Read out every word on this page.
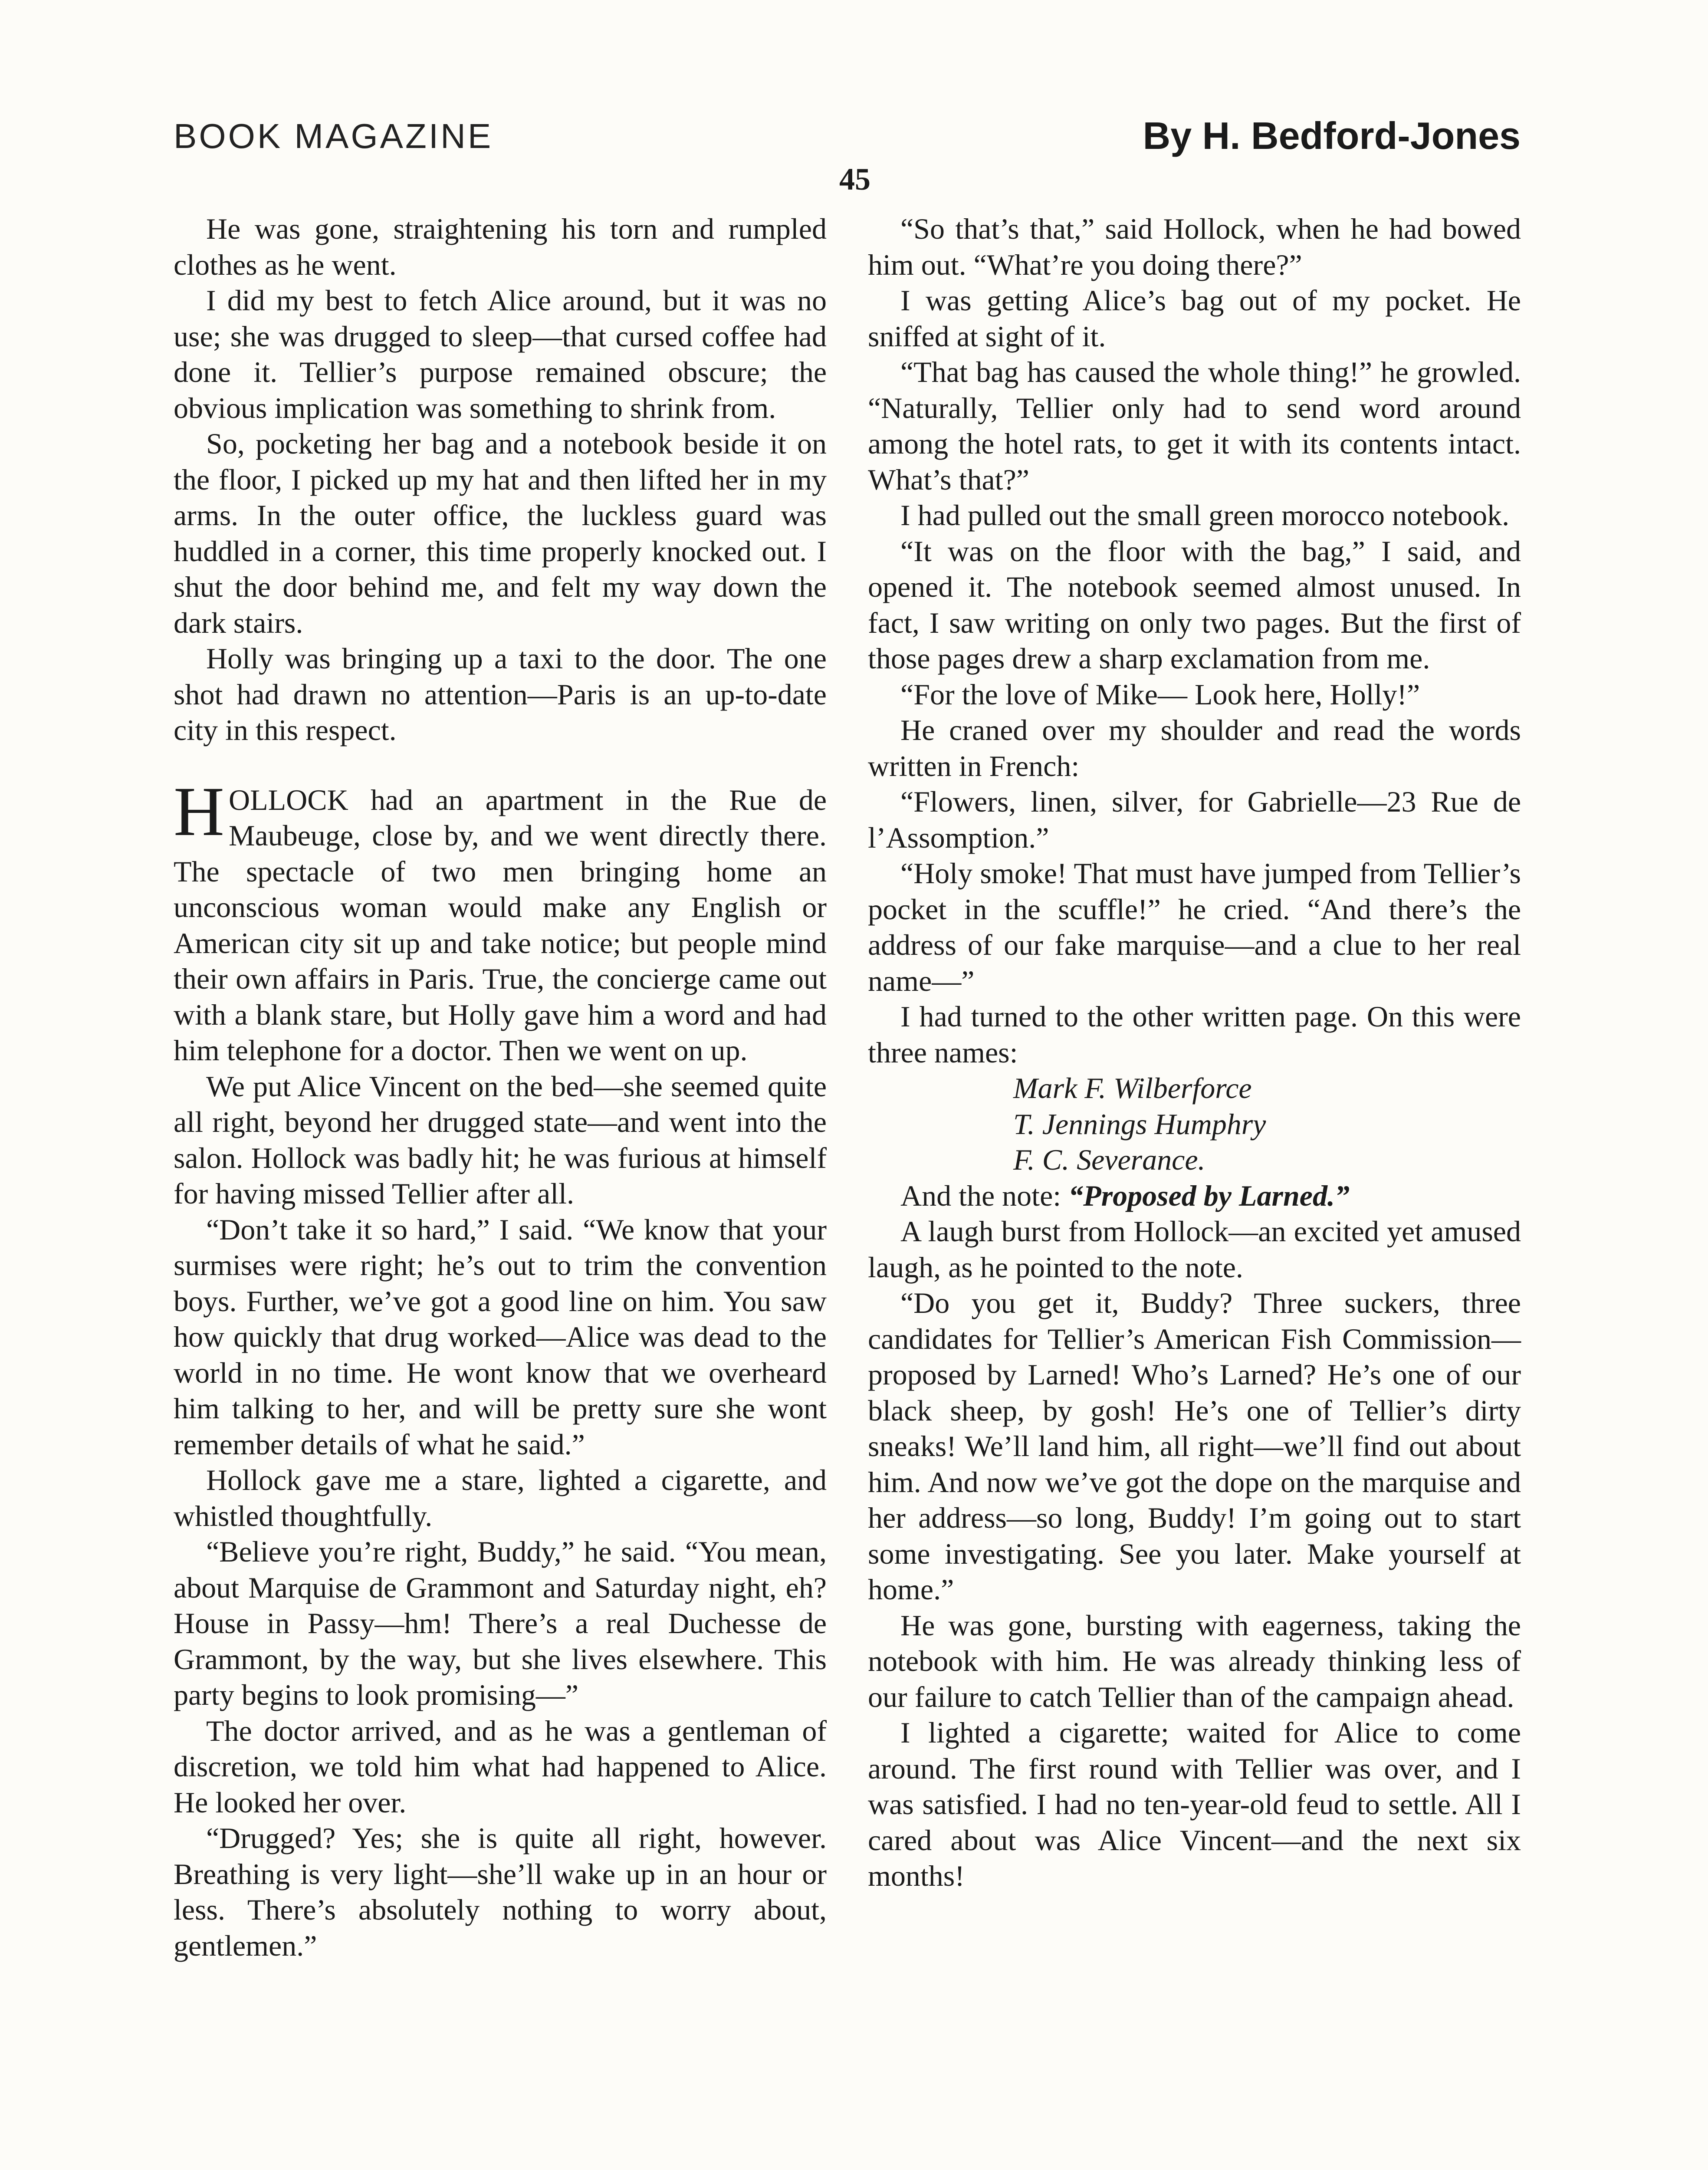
BOOK MAGAZINE	By H. Bedford-Jones
45

He was gone, straightening his torn and rumpled clothes as he went.

I did my best to fetch Alice around, but it was no use; she was drugged to sleep—that cursed coffee had done it. Tellier’s purpose remained obscure; the obvious implication was something to shrink from.

So, pocketing her bag and a notebook beside it on the floor, I picked up my hat and then lifted her in my arms. In the outer office, the luckless guard was huddled in a corner, this time properly knocked out. I shut the door behind me, and felt my way down the dark stairs.

Holly was bringing up a taxi to the door. The one shot had drawn no attention—Paris is an up-to-date city in this respect.

HOLLOCK had an apartment in the Rue de Maubeuge, close by, and we went directly there. The spectacle of two men bringing home an unconscious woman would make any English or American city sit up and take notice; but people mind their own affairs in Paris. True, the concierge came out with a blank stare, but Holly gave him a word and had him telephone for a doctor. Then we went on up.

We put Alice Vincent on the bed—she seemed quite all right, beyond her drugged state—and went into the salon. Hollock was badly hit; he was furious at himself for having missed Tellier after all.

“Don’t take it so hard,” I said. “We know that your surmises were right; he’s out to trim the convention boys. Further, we’ve got a good line on him. You saw how quickly that drug worked—Alice was dead to the world in no time. He wont know that we overheard him talking to her, and will be pretty sure she wont remember details of what he said.”

Hollock gave me a stare, lighted a cigarette, and whistled thoughtfully.

“Believe you’re right, Buddy,” he said. “You mean, about Marquise de Grammont and Saturday night, eh? House in Passy—hm! There’s a real Duchesse de Grammont, by the way, but she lives elsewhere. This party begins to look promising—”

The doctor arrived, and as he was a gentleman of discretion, we told him what had happened to Alice. He looked her over.

“Drugged? Yes; she is quite all right, however. Breathing is very light—she’ll wake up in an hour or less. There’s absolutely nothing to worry about, gentlemen.”

“So that’s that,” said Hollock, when he had bowed him out. “What’re you doing there?”

I was getting Alice’s bag out of my pocket. He sniffed at sight of it.

“That bag has caused the whole thing!” he growled. “Naturally, Tellier only had to send word around among the hotel rats, to get it with its contents intact. What’s that?”

I had pulled out the small green morocco notebook.

“It was on the floor with the bag,” I said, and opened it. The notebook seemed almost unused. In fact, I saw writing on only two pages. But the first of those pages drew a sharp exclamation from me.

“For the love of Mike— Look here, Holly!”

He craned over my shoulder and read the words written in French:

“Flowers, linen, silver, for Gabrielle—23 Rue de l’Assomption.”

“Holy smoke! That must have jumped from Tellier’s pocket in the scuffle!” he cried. “And there’s the address of our fake marquise—and a clue to her real name—”

I had turned to the other written page. On this were three names:

Mark F. Wilberforce
T. Jennings Humphry
F. C. Severance.

And the note: “Proposed by Larned.”

A laugh burst from Hollock—an excited yet amused laugh, as he pointed to the note.

“Do you get it, Buddy? Three suckers, three candidates for Tellier’s American Fish Commission—proposed by Larned! Who’s Larned? He’s one of our black sheep, by gosh! He’s one of Tellier’s dirty sneaks! We’ll land him, all right—we’ll find out about him. And now we’ve got the dope on the marquise and her address—so long, Buddy! I’m going out to start some investigating. See you later. Make yourself at home.”

He was gone, bursting with eagerness, taking the notebook with him. He was already thinking less of our failure to catch Tellier than of the campaign ahead.

I lighted a cigarette; waited for Alice to come around. The first round with Tellier was over, and I was satisfied. I had no ten-year-old feud to settle. All I cared about was Alice Vincent—and the next six months!
